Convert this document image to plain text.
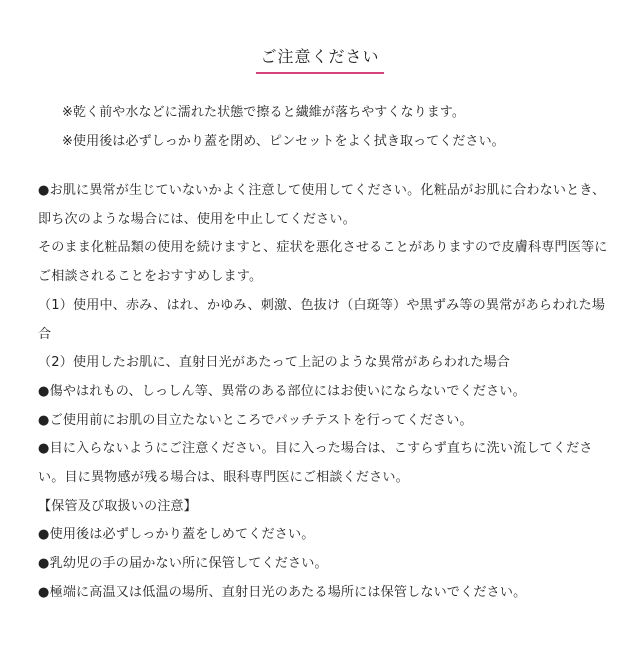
ご注意ください
※乾く前や水などに濡れた状態で擦ると繊維が落ちやすくなります。
※使用後は必ずしっかり蓋を閉め、ピンセットをよく拭き取ってください。

●お肌に異常が生じていないかよく注意して使用してください。化粧品がお肌に合わないとき、即ち次のような場合には、使用を中止してください。

そのまま化粧品類の使用を続けますと、症状を悪化させることがありますので皮膚科専門医等にご相談されることをおすすめします。

（1）使用中、赤み、はれ、かゆみ、刺激、色抜け（白斑等）や黒ずみ等の異常があらわれた場合

（2）使用したお肌に、直射日光があたって上記のような異常があらわれた場合

●傷やはれもの、しっしん等、異常のある部位にはお使いにならないでください。

●ご使用前にお肌の目立たないところでパッチテストを行ってください。

●目に入らないようにご注意ください。目に入った場合は、こすらず直ちに洗い流してください。目に異物感が残る場合は、眼科専門医にご相談ください。

【保管及び取扱いの注意】

●使用後は必ずしっかり蓋をしめてください。

●乳幼児の手の届かない所に保管してください。

●極端に高温又は低温の場所、直射日光のあたる場所には保管しないでください。
